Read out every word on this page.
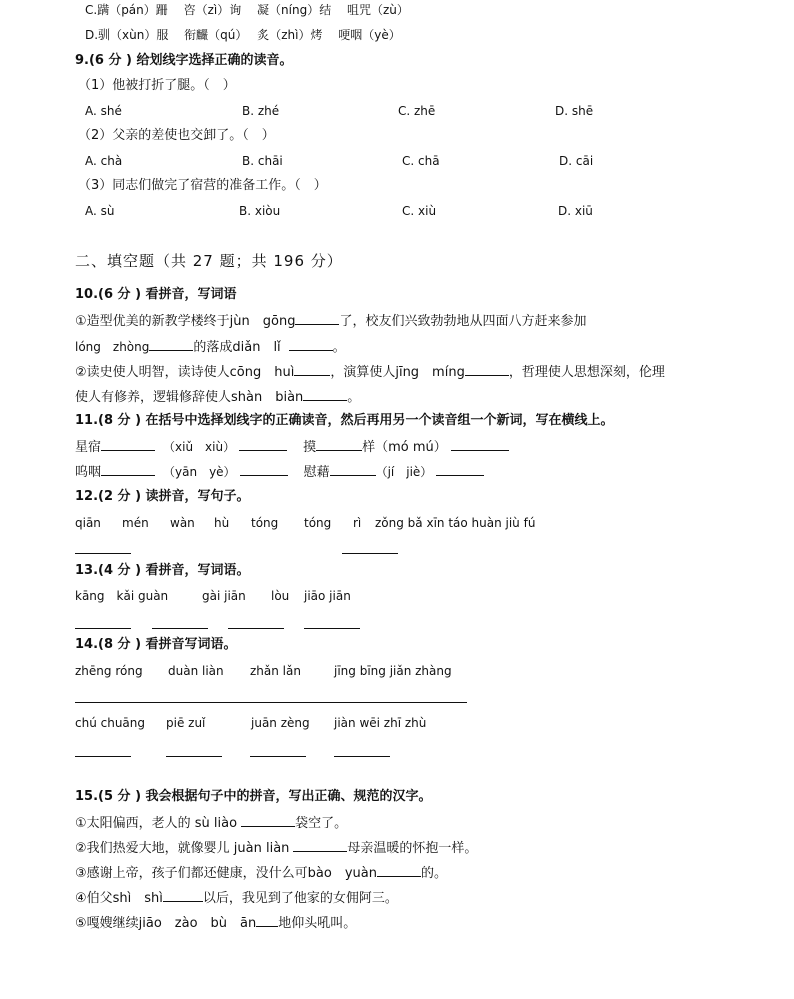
C.蹒（pán）跚　 咨（zì）询　 凝（níng）结　 咀咒（zù）
D.驯（xùn）服　 衔麣（qú）　 炙（zhì）烤　 哽咽（yè）
9.(6 分 ) 给划线字选择正确的读音。
（1）他被打折了腿。（　）
A. shé	B. zhé	C. zhē	D. shē
（2）父亲的差使也交卸了。（　）
A. chà	B. chāi	C. chā	D. cāi
（3）同志们做完了宿营的准备工作。（　）
A. sù	B. xiòu	C. xiù	D. xiū
二、填空题（共 27 题；共 196 分）
10.(6 分 ) 看拼音，写词语
①造型优美的新教学楼终于jùn　gōng	了，校友们兴致勃勃地从四面八方赶来参加
lóng　zhòng	的落成diǎn　lǐ	。
②读史使人明智，读诗使人cōng　huì	，演算使人jīng　míng	，哲理使人思想深刻，伦理
使人有修养，逻辑修辞使人shàn　biàn	。
11.(8 分 ) 在括号中选择划线字的正确读音，然后再用另一个读音组一个新词，写在横线上。
星宿	（xiǔ　xiù）	摸	样（mó mú）
呜咽	（yān　yè）	慰藉	（jí　jiè）
12.(2 分 ) 读拼音，写句子。
qiān mén wàn hù tóng tóng rì zǒng bǎ xīn táo huàn jiù fú
13.(4 分 ) 看拼音，写词语。
kāng　kǎi guàn	gài jiān lòu jiāo jiān
14.(8 分 ) 看拼音写词语。
zhēng róng duàn liàn zhǎn lǎn	jīng bīng jiǎn zhàng
chú chuāng piē zuǐ	juān zèng jiàn wēi zhī zhù
15.(5 分 ) 我会根据句子中的拼音，写出正确、规范的汉字。
①太阳偏西，老人的 sù liào	袋空了。
②我们热爱大地，就像婴儿 juàn liàn	母亲温暖的怀抱一样。
③感谢上帝，孩子们都还健康，没什么可bào　yuàn	的。
④伯父shì　shì	以后，我见到了他家的女佣阿三。
⑤嘎嫂继续jiāo　zào　bù　ān 地仰头吼叫。
